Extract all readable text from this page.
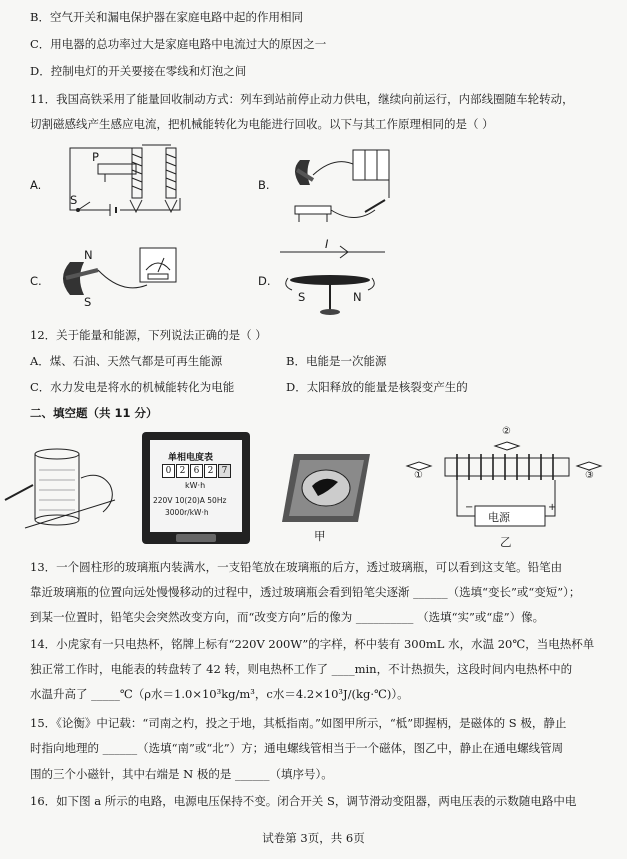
B．空气开关和漏电保护器在家庭电路中起的作用相同
C．用电器的总功率过大是家庭电路中电流过大的原因之一
D．控制电灯的开关要接在零线和灯泡之间
11．我国高铁采用了能量回收制动方式：列车到站前停止动力供电，继续向前运行，内部线圈随车轮转动，
切割磁感线产生感应电流，把机械能转化为电能进行回收。以下与其工作原理相同的是（ ）
A.
P
S
B.
C.
N
S
D.
I
S	N
12．关于能量和能源，下列说法正确的是（ ）
A．煤、石油、天然气都是可再生能源	B．电能是一次能源
C．水力发电是将水的机械能转化为电能	D．太阳释放的能量是核裂变产生的
二、填空题（共 11 分）
单相电度表
0 2 6 2 7
kW·h
220V 10(20)A 50Hz
3000r/kW·h
甲
①
②
③
电源
−	+
乙
13．一个圆柱形的玻璃瓶内装满水，一支铅笔放在玻璃瓶的后方，透过玻璃瓶，可以看到这支笔。铅笔由
靠近玻璃瓶的位置向远处慢慢移动的过程中，透过玻璃瓶会看到铅笔尖逐渐 ______（选填“变长”或“变短”）；
到某一位置时，铅笔尖会突然改变方向，而“改变方向”后的像为 __________ （选填“实”或“虚”）像。
14．小虎家有一只电热杯，铭牌上标有“220V 200W”的字样，杯中装有 300mL 水，水温 20℃，当电热杯单
独正常工作时，电能表的转盘转了 42 转，则电热杯工作了 ____min，不计热损失，这段时间内电热杯中的
水温升高了 _____℃（ρ水＝1.0×10³kg/m³，c水＝4.2×10³J/(kg·℃)）。
15．《论衡》中记载：“司南之杓，投之于地，其柢指南。”如图甲所示，“柢”即握柄，是磁体的 S 极，静止
时指向地理的 ______（选填“南”或“北”）方；通电螺线管相当于一个磁体，图乙中，静止在通电螺线管周
围的三个小磁针，其中右端是 N 极的是 ______（填序号）。
16．如下图 a 所示的电路，电源电压保持不变。闭合开关 S，调节滑动变阻器，两电压表的示数随电路中电
试卷第 3页，共 6页
